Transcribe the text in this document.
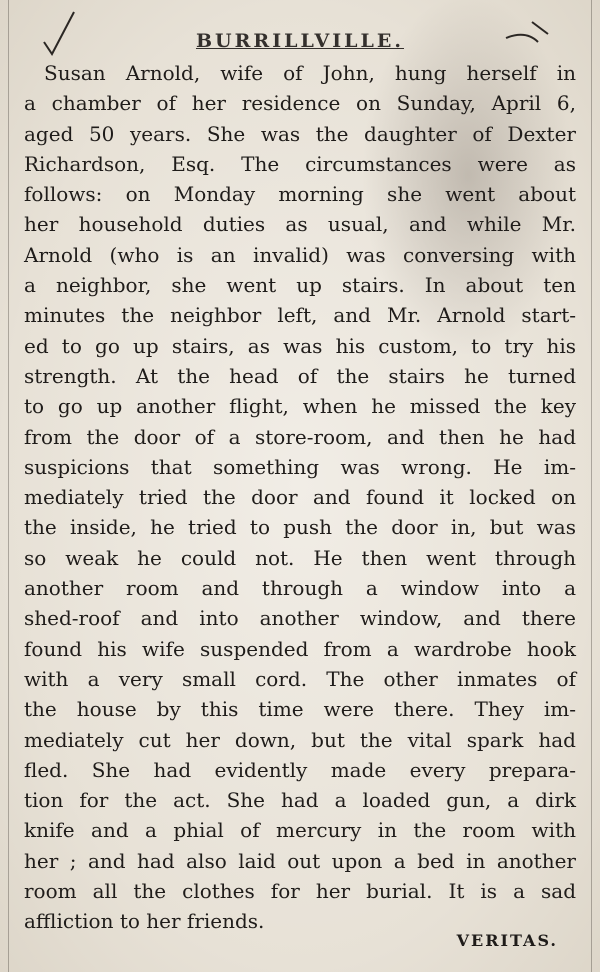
BURRILLVILLE.
Susan Arnold, wife of John, hung herself in
a chamber of her residence on Sunday, April 6,
aged 50 years. She was the daughter of Dexter
Richardson, Esq. The circumstances were as
follows: on Monday morning she went about
her household duties as usual, and while Mr.
Arnold (who is an invalid) was conversing with
a neighbor, she went up stairs. In about ten
minutes the neighbor left, and Mr. Arnold start-
ed to go up stairs, as was his custom, to try his
strength. At the head of the stairs he turned
to go up another flight, when he missed the key
from the door of a store-room, and then he had
suspicions that something was wrong. He im-
mediately tried the door and found it locked on
the inside, he tried to push the door in, but was
so weak he could not. He then went through
another room and through a window into a
shed-roof and into another window, and there
found his wife suspended from a wardrobe hook
with a very small cord. The other inmates of
the house by this time were there. They im-
mediately cut her down, but the vital spark had
fled. She had evidently made every prepara-
tion for the act. She had a loaded gun, a dirk
knife and a phial of mercury in the room with
her ; and had also laid out upon a bed in another
room all the clothes for her burial. It is a sad
affliction to her friends.
VERITAS.
